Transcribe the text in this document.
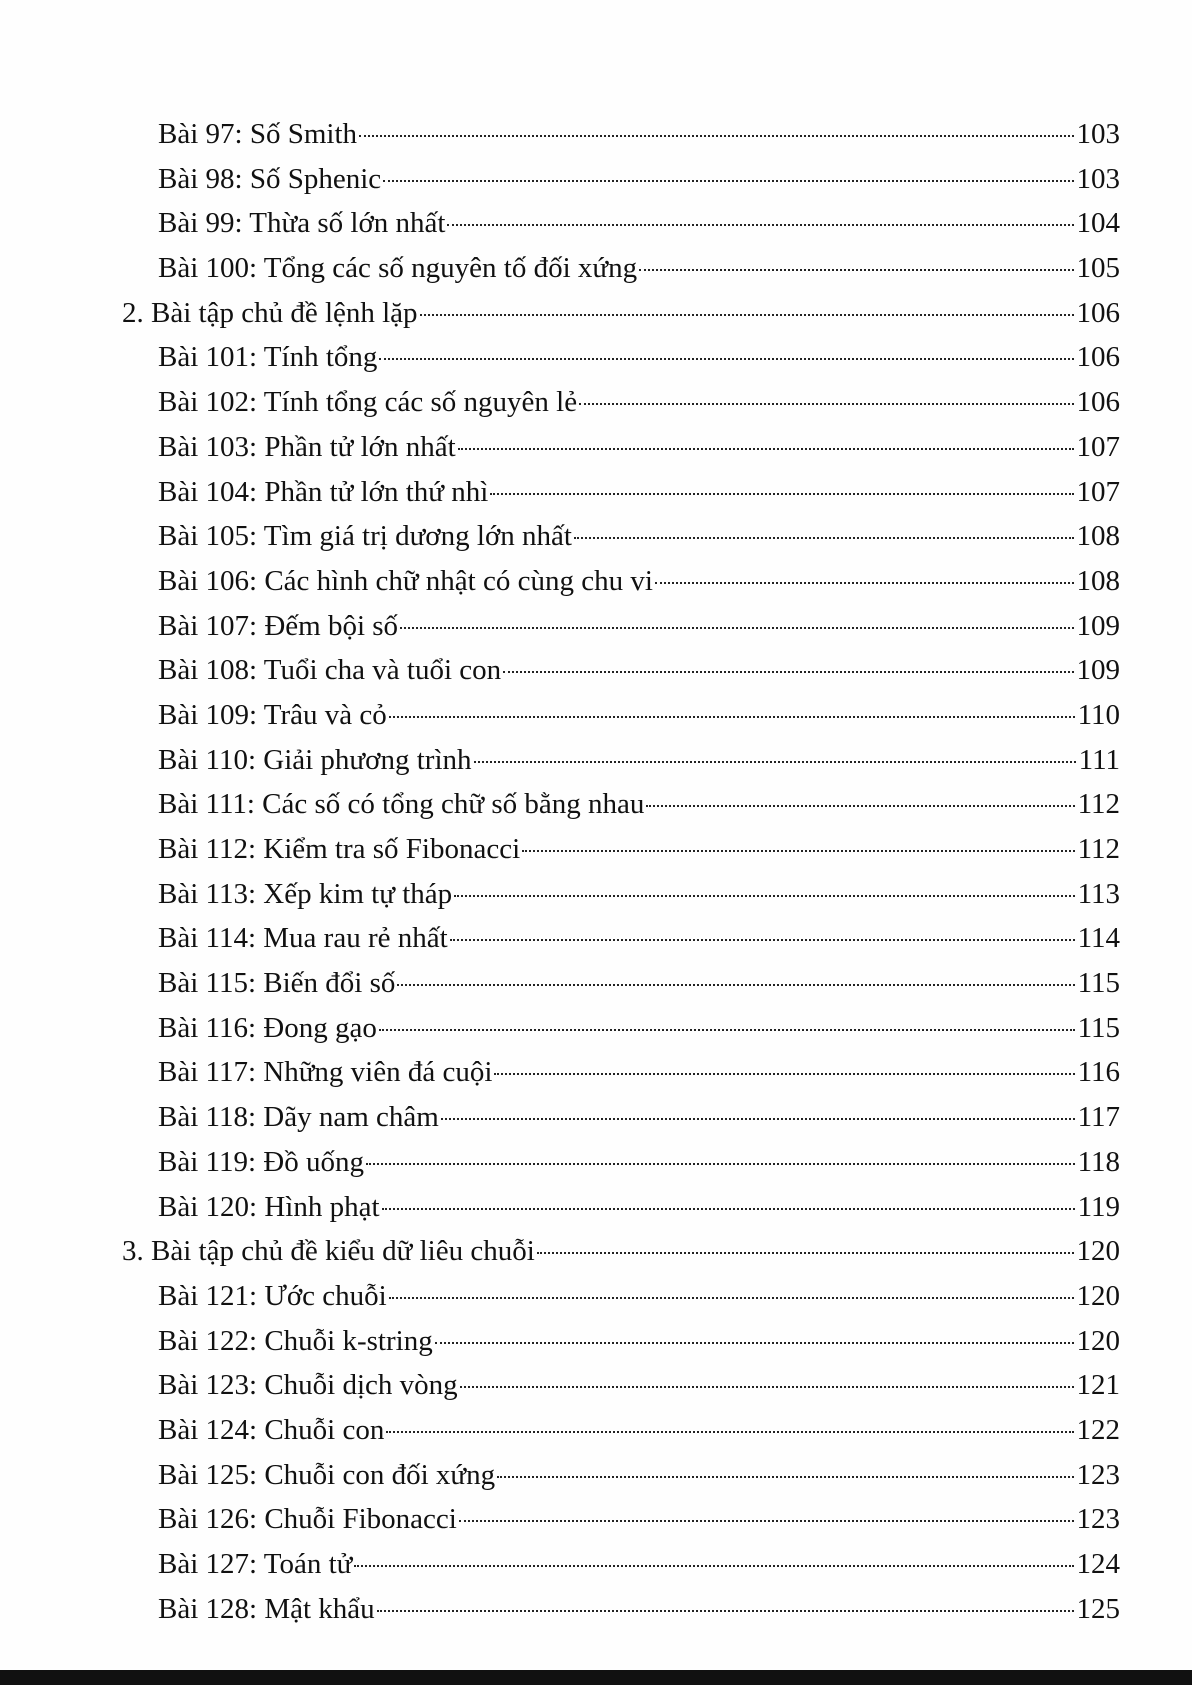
Bài 97: Số Smith	103
Bài 98: Số Sphenic	103
Bài 99: Thừa số lớn nhất	104
Bài 100: Tổng các số nguyên tố đối xứng	105
2. Bài tập chủ đề lệnh lặp	106
Bài 101: Tính tổng	106
Bài 102: Tính tổng các số nguyên lẻ	106
Bài 103: Phần tử lớn nhất	107
Bài 104: Phần tử lớn thứ nhì	107
Bài 105: Tìm giá trị dương lớn nhất	108
Bài 106: Các hình chữ nhật có cùng chu vi	108
Bài 107: Đếm bội số	109
Bài 108: Tuổi cha và tuổi con	109
Bài 109: Trâu và cỏ	110
Bài 110: Giải phương trình	111
Bài 111: Các số có tổng chữ số bằng nhau	112
Bài 112: Kiểm tra số Fibonacci	112
Bài 113: Xếp kim tự tháp	113
Bài 114: Mua rau rẻ nhất	114
Bài 115: Biến đổi số	115
Bài 116: Đong gạo	115
Bài 117: Những viên đá cuội	116
Bài 118: Dãy nam châm	117
Bài 119: Đồ uống	118
Bài 120: Hình phạt	119
3. Bài tập chủ đề kiểu dữ liêu chuỗi	120
Bài 121: Ước chuỗi	120
Bài 122: Chuỗi k-string	120
Bài 123: Chuỗi dịch vòng	121
Bài 124: Chuỗi con	122
Bài 125: Chuỗi con đối xứng	123
Bài 126: Chuỗi Fibonacci	123
Bài 127: Toán tử	124
Bài 128: Mật khẩu	125
